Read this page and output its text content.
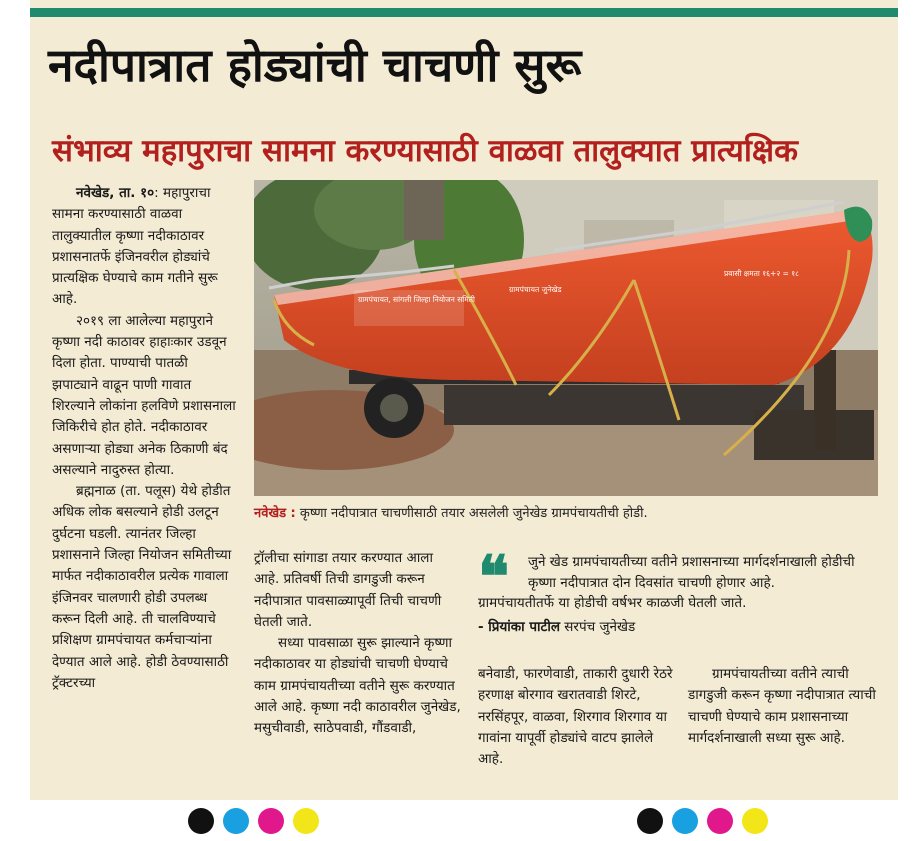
नदीपात्रात होड्यांची चाचणी सुरू
संभाव्य महापुराचा सामना करण्यासाठी वाळवा तालुक्यात प्रात्यक्षिक

नवेखेड, ता. १०: महापुराचा सामना करण्यासाठी वाळवा तालुक्यातील कृष्णा नदीकाठावर प्रशासनातर्फे इंजिनवरील होड्यांचे प्रात्यक्षिक घेण्याचे काम गतीने सुरू आहे.

२०१९ ला आलेल्या महापुराने कृष्णा नदी काठावर हाहाःकार उडवून दिला होता. पाण्याची पातळी झपाट्याने वाढून पाणी गावात शिरल्याने लोकांना हलविणे प्रशासनाला जिकिरीचे होत होते. नदीकाठावर असणाऱ्या होड्या अनेक ठिकाणी बंद असल्याने नादुरुस्त होत्या.

ब्रह्मनाळ (ता. पलूस) येथे होडीत अधिक लोक बसल्याने होडी उलटून दुर्घटना घडली. त्यानंतर जिल्हा प्रशासनाने जिल्हा नियोजन समितीच्या मार्फत नदीकाठावरील प्रत्येक गावाला इंजिनवर चालणारी होडी उपलब्ध करून दिली आहे. ती चालविण्याचे प्रशिक्षण ग्रामपंचायत कर्मचाऱ्यांना देण्यात आले आहे. होडी ठेवण्यासाठी ट्रॅक्टरच्या

ग्रामपंचायत, सांगली जिल्हा नियोजन समिती
ग्रामपंचायत जुनेखेड
प्रवासी क्षमता १६+२ = १८
नवेखेड : कृष्णा नदीपात्रात चाचणीसाठी तयार असलेली जुनेखेड ग्रामपंचायतीची होडी.

ट्रॉलीचा सांगाडा तयार करण्यात आला आहे. प्रतिवर्षी तिची डागडुजी करून नदीपात्रात पावसाळ्यापूर्वी तिची चाचणी घेतली जाते.

सध्या पावसाळा सुरू झाल्याने कृष्णा नदीकाठावर या होड्यांची चाचणी घेण्याचे काम ग्रामपंचायतीच्या वतीने सुरू करण्यात आले आहे. कृष्णा नदी काठावरील जुनेखेड, मसुचीवाडी, साठेपवाडी, गौंडवाडी,

❝ जुने खेड ग्रामपंचायतीच्या वतीने प्रशासनाच्या मार्गदर्शनाखाली होडीची कृष्णा नदीपात्रात दोन दिवसांत चाचणी होणार आहे.
ग्रामपंचायतीतर्फे या होडीची वर्षभर काळजी घेतली जाते.
- प्रियांका पाटील सरपंच जुनेखेड

बनेवाडी, फारणेवाडी, ताकारी दुधारी रेठरे हरणाक्ष बोरगाव खरातवाडी शिरटे, नरसिंहपूर, वाळवा, शिरगाव शिरगाव या गावांना यापूर्वी होड्यांचे वाटप झालेले आहे.

ग्रामपंचायतीच्या वतीने त्याची डागडुजी करून कृष्णा नदीपात्रात त्याची चाचणी घेण्याचे काम प्रशासनाच्या मार्गदर्शनाखाली सध्या सुरू आहे.
